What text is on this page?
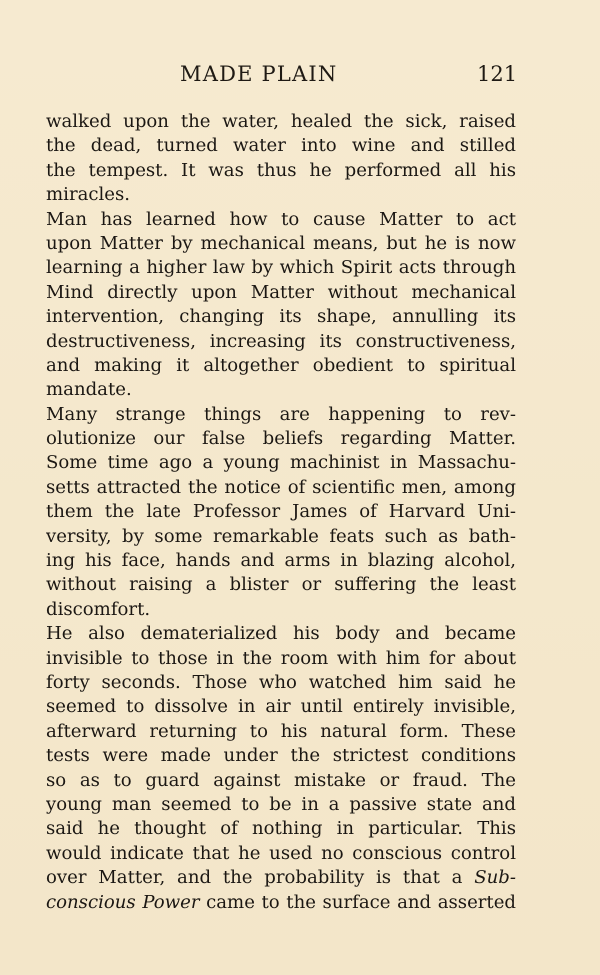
MADE PLAIN	121
walked upon the water, healed the sick, raised
the dead, turned water into wine and stilled
the tempest. It was thus he performed all his
miracles.
Man has learned how to cause Matter to act
upon Matter by mechanical means, but he is now
learning a higher law by which Spirit acts through
Mind directly upon Matter without mechanical
intervention, changing its shape, annulling its
destructiveness, increasing its constructiveness,
and making it altogether obedient to spiritual
mandate.
Many strange things are happening to rev-
olutionize our false beliefs regarding Matter.
Some time ago a young machinist in Massachu-
setts attracted the notice of scientific men, among
them the late Professor James of Harvard Uni-
versity, by some remarkable feats such as bath-
ing his face, hands and arms in blazing alcohol,
without raising a blister or suffering the least
discomfort.
He also dematerialized his body and became
invisible to those in the room with him for about
forty seconds. Those who watched him said he
seemed to dissolve in air until entirely invisible,
afterward returning to his natural form. These
tests were made under the strictest conditions
so as to guard against mistake or fraud. The
young man seemed to be in a passive state and
said he thought of nothing in particular. This
would indicate that he used no conscious control
over Matter, and the probability is that a Sub-
conscious Power came to the surface and asserted
